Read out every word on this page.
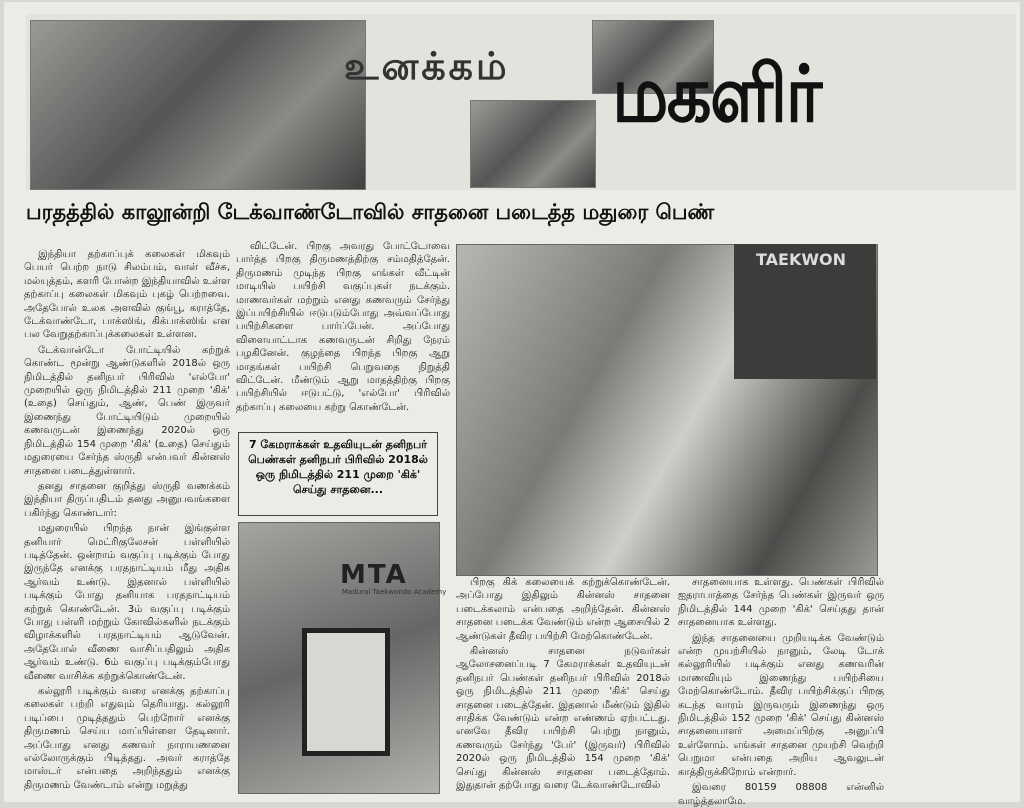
உனக்கம் மகளிர்
பரதத்தில் காலூன்றி டேக்வாண்டோவில் சாதனை படைத்த மதுரை பெண்

இந்தியா தற்காப்புக் கலைகள் மிகவும் பெயர் பெற்ற நாடு சிலம்பம், வாள் வீச்சு, மல்யுத்தம், களரி போன்ற இந்தியாவில் உள்ள தற்காப்பு கலைகள் மிகவும் புகழ் பெற்றவை. அதேபோல் உலக அளவில் குங்பூ, கராத்தே, டேக்வாண்டோ, பாக்ஸிங், கிக்பாக்ஸிங் என பல வேறுதற்காப்புக்கலைகள் உள்ளன.

டேக்வான்டோ போட்டியில் கற்றுக் கொண்ட மூன்று ஆண்டுகளில் 2018ல் ஒரு நிமிடத்தில் தனிநபர் பிரிவில் 'எல்போ' முறையில் ஒரு நிமிடத்தில் 211 முறை 'கிக்' (உதை) செய்தும், ஆண், பெண் இருவர் இணைந்து போட்டியிடும் முறையில் கணவருடன் இணைந்து 2020ல் ஒரு நிமிடத்தில் 154 முறை 'கிக்' (உதை) செய்தும் மதுரையை சேர்ந்த ஸ்ருதி என்பவர் கின்னஸ் சாதனை படைத்துள்ளார்.

தனது சாதனை குறித்து ஸ்ருதி வணக்கம் இந்தியா திருப்பதிடம் தனது அனுபவங்களை பகிர்ந்து கொண்டார்:

மதுரையில் பிறந்த நான் இங்குள்ள தனியார் மெட்ரிகுலேசன் பள்ளியில் படித்தேன். ஒன்றாம் வகுப்பு படிக்கும் போது இருந்தே எனக்கு பரதநாட்டியம் மீது அதிக ஆர்வம் உண்டு. இதனால் பள்ளியில் படிக்கும் போது தனியாக பரதநாட்டியம் கற்றுக் கொண்டேன். 3ம் வகுப்பு படிக்கும் போது பள்ளி மற்றும் கோவில்களில் நடக்கும் விழாக்களில் பரதநாட்டியம் ஆடுவேன். அதேபோல் வீணை வாசிப்பதிலும் அதிக ஆர்வம் உண்டு. 6ம் வகுப்பு படிக்கும்போது வீணை வாசிக்க கற்றுக்கொண்டேன்.

கல்லூரி படிக்கும் வரை எனக்கு தற்காப்பு கலைகள் பற்றி எதுவும் தெரியாது. கல்லூரி படிப்பை முடித்ததும் பெற்றோர் எனக்கு திருமணம் செய்ய மாப்பிள்ளை தேடினார். அப்போது எனது கணவர் நாராயணனை எல்லோருக்கும் பிடித்தது. அவர் கராத்தே மாஸ்டர் என்பதை அறிந்ததும் எனக்கு திருமணம் வேண்டாம் என்று மறுத்து

விட்டேன். பிறகு அவரது போட்டோவை பார்த்த பிறகு திருமணத்திற்கு சம்மதித்தேன். திருமணம் முடிந்த பிறகு எங்கள் வீட்டின் மாடியில் பயிற்சி வகுப்புகள் நடக்கும். மாணவர்கள் மற்றும் எனது கணவரும் சேர்ந்து இப்பயிற்சியில் ஈடுபடும்போது அவ்வப்போது பயிற்சிகளை பார்ப்பேன். அப்போது விளையாட்டாக கணவருடன் சிறிது நேரம் பழகினேன். குழந்தை பிறந்த பிறகு ஆறு மாதங்கள் பயிற்சி பெறுவதை நிறுத்தி விட்டேன். மீண்டும் ஆறு மாதத்திற்கு பிறகு பயிற்சியில் ஈடுபட்டு, 'எல்போ' பிரிவில் தற்காப்பு கலையை கற்று கொண்டேன்.

7 கேமராக்கள் உதவியுடன் தனிநபர் பெண்கள் தனிநபர் பிரிவில் 2018ல் ஒரு நிமிடத்தில் 211 முறை 'கிக்' செய்து சாதனை...
MTA
Madurai Taekwondo Academy
TAEKWON

பிறகு கிக் கலையைக் கற்றுக்கொண்டேன். அப்போது இதிலும் கின்னஸ் சாதனை படைக்கலாம் என்பதை அறிந்தேன். கின்னஸ் சாதனை படைக்க வேண்டும் என்ற ஆசையில் 2 ஆண்டுகள் தீவிர பயிற்சி மேற்கொண்டேன்.

கின்னஸ் சாதனை நடுவர்கள் ஆலோசனைப்படி 7 கேமராக்கள் உதவியுடன் தனிநபர் பெண்கள் தனிநபர் பிரிவில் 2018ல் ஒரு நிமிடத்தில் 211 முறை 'கிக்' செய்து சாதனை படைத்தேன். இதனால் மீண்டும் இதில் சாதிக்க வேண்டும் என்ற எண்ணம் ஏற்பட்டது. எனவே தீவிர பயிற்சி பெற்று நானும், கணவரும் சேர்ந்து 'பேர்' (இருவர்) பிரிவில் 2020ல் ஒரு நிமிடத்தில் 154 முறை 'கிக்' செய்து கின்னஸ் சாதனை படைத்தோம். இதுதான் தற்போது வரை டேக்வாண்டோவில்

சாதனையாக உள்ளது. பெண்கள் பிரிவில் ஐதராபாத்தை சேர்ந்த பெண்கள் இருவர் ஒரு நிமிடத்தில் 144 முறை 'கிக்' செய்தது தான் சாதனையாக உள்ளது.

இந்த சாதனையை முறியடிக்க வேண்டும் என்ற முயற்சியில் நானும், லேடி டோக் கல்லூரியில் படிக்கும் எனது கணவரின் மாணவியும் இணைந்து பயிற்சியை மேற்கொண்டோம். தீவிர பயிற்சிக்குப் பிறகு கடந்த வாரம் இருவரும் இணைந்து ஒரு நிமிடத்தில் 152 முறை 'கிக்' செய்து கின்னஸ் சாதனையாளர் அமைப்பிற்கு அனுப்பி உள்ளோம். எங்கள் சாதனை முயற்சி வெற்றி பெறுமா என்பதை அறிய ஆவலுடன் காத்திருக்கிறோம் என்றார்.

இவரை 80159 08808 என்னில் வாழ்த்தலாமே.
